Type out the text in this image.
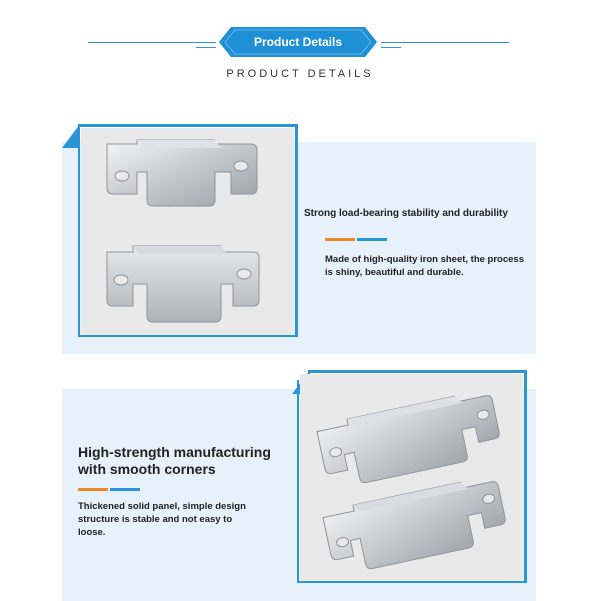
Product Details
PRODUCT DETAILS
Strong load-bearing stability and durability
Made of high-quality iron sheet, the process is shiny, beautiful and durable.
High-strength manufacturing with smooth corners
Thickened solid panel, simple design structure is stable and not easy to loose.
